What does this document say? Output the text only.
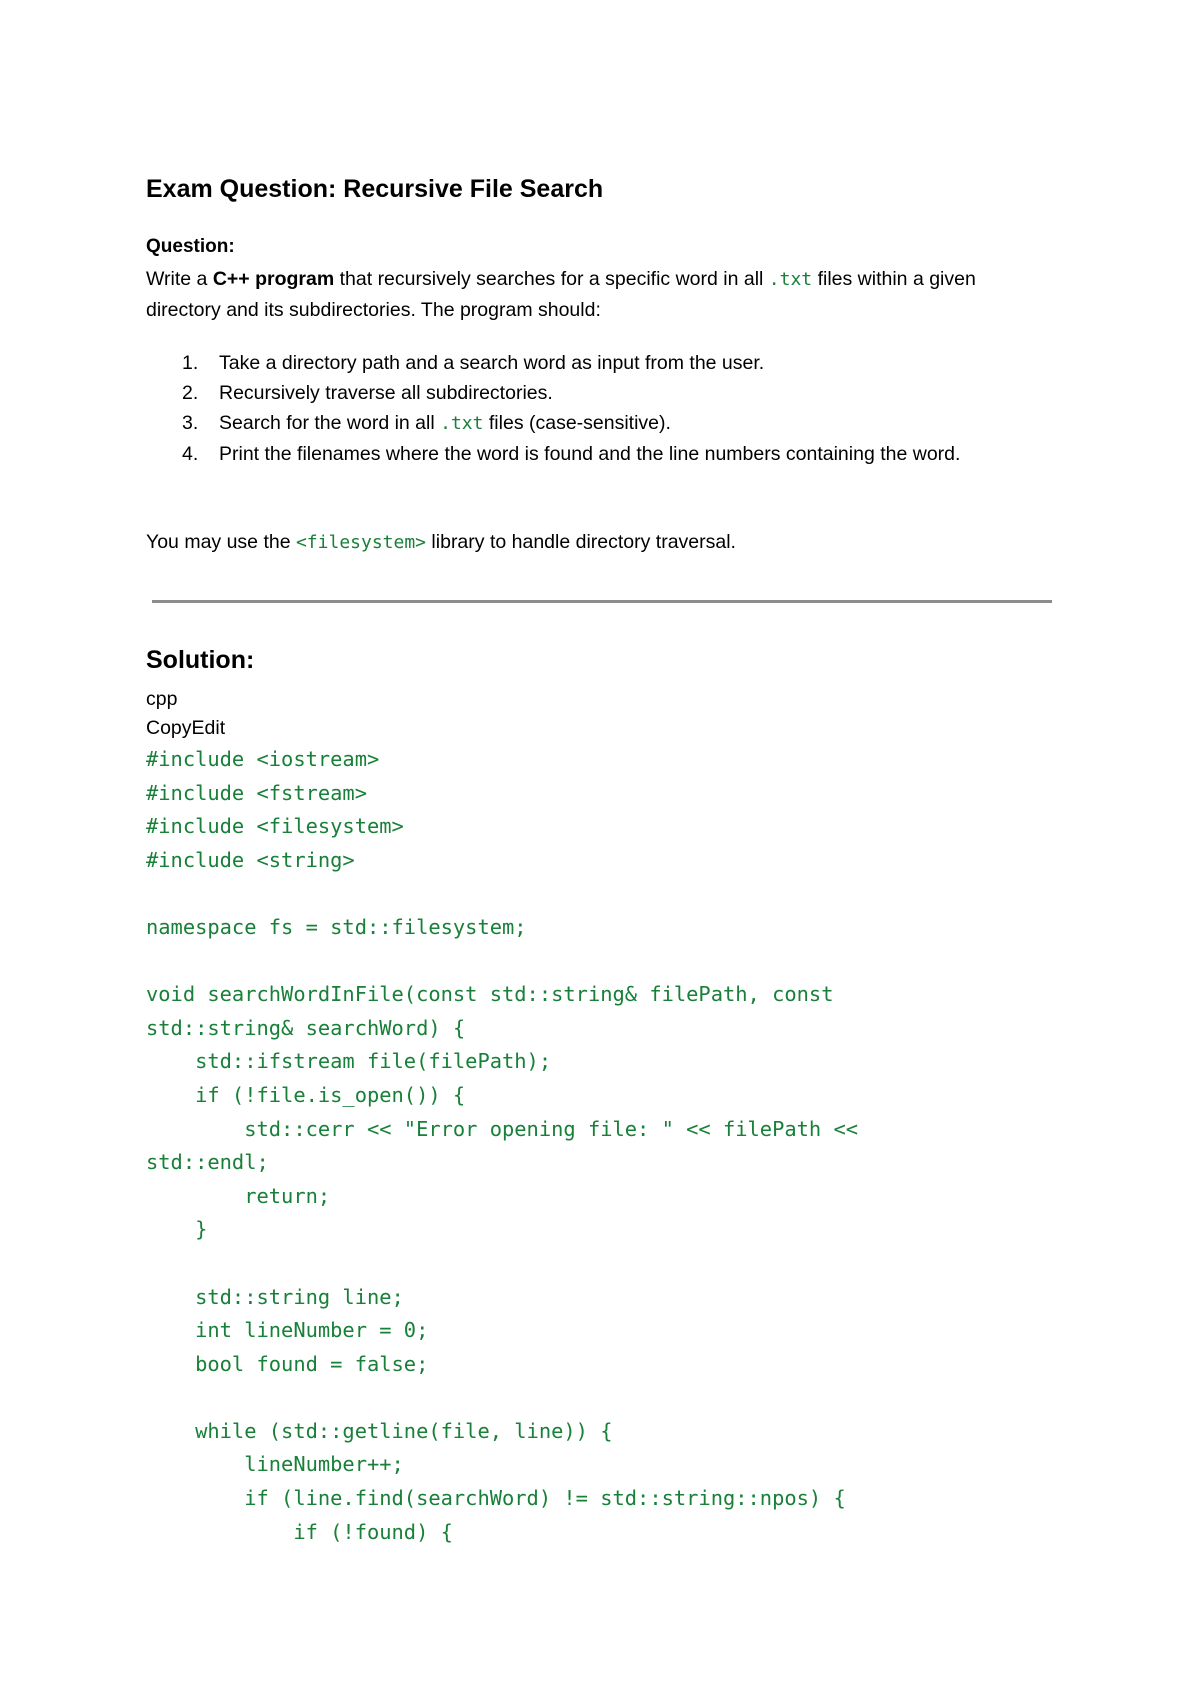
Exam Question: Recursive File Search
Question:
Write a C++ program that recursively searches for a specific word in all .txt files within a given directory and its subdirectories. The program should:
1. Take a directory path and a search word as input from the user.
2. Recursively traverse all subdirectories.
3. Search for the word in all .txt files (case-sensitive).
4. Print the filenames where the word is found and the line numbers containing the word.
You may use the <filesystem> library to handle directory traversal.
Solution:
cpp
CopyEdit
#include <iostream>
#include <fstream>
#include <filesystem>
#include <string>
namespace fs = std::filesystem;
void searchWordInFile(const std::string& filePath, const
std::string& searchWord) {
std::ifstream file(filePath);
if (!file.is_open()) {
std::cerr << "Error opening file: " << filePath <<
std::endl;
return;
}
std::string line;
int lineNumber = 0;
bool found = false;
while (std::getline(file, line)) {
lineNumber++;
if (line.find(searchWord) != std::string::npos) {
if (!found) {
